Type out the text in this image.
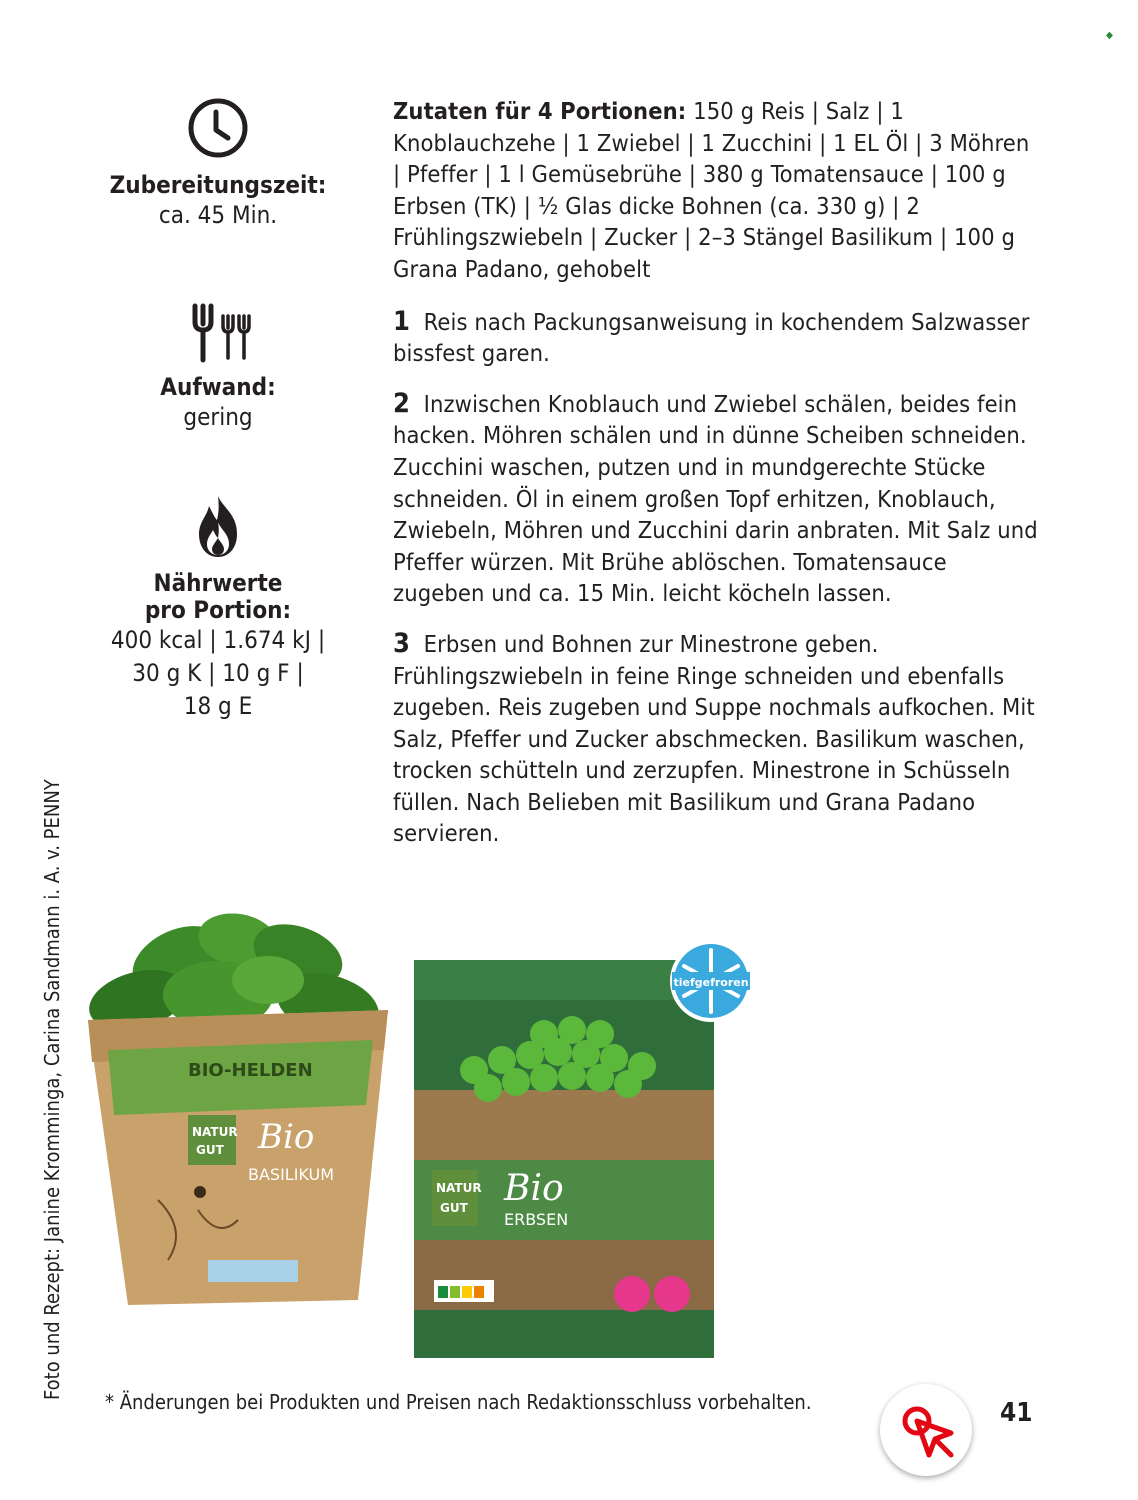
Zubereitungszeit:
ca. 45 Min.
Aufwand:
gering
Nährwerte
pro Portion:
400 kcal | 1.674 kJ |
30 g K | 10 g F |
18 g E
Zutaten für 4 Portionen: 150 g Reis | Salz | 1 Knoblauchzehe | 1 Zwiebel | 1 Zucchini | 1 EL Öl | 3 Möhren | Pfeffer | 1 l Gemüsebrühe | 380 g Tomatensauce | 100 g Erbsen (TK) | ½ Glas dicke Bohnen (ca. 330 g) | 2 Frühlingszwiebeln | Zucker | 2–3 Stängel Basilikum | 100 g Grana Padano, gehobelt
1 Reis nach Packungsanweisung in kochendem Salzwasser bissfest garen.
2 Inzwischen Knoblauch und Zwiebel schälen, beides fein hacken. Möhren schälen und in dünne Scheiben schneiden. Zucchini waschen, putzen und in mundgerechte Stücke schneiden. Öl in einem großen Topf erhitzen, Knoblauch, Zwiebeln, Möhren und Zucchini darin anbraten. Mit Salz und Pfeffer würzen. Mit Brühe ablöschen. Tomatensauce zugeben und ca. 15 Min. leicht köcheln lassen.
3 Erbsen und Bohnen zur Minestrone geben. Frühlingszwiebeln in feine Ringe schneiden und ebenfalls zugeben. Reis zugeben und Suppe nochmals aufkochen. Mit Salz, Pfeffer und Zucker abschmecken. Basilikum waschen, trocken schütteln und zerzupfen. Minestrone in Schüsseln füllen. Nach Belieben mit Basilikum und Grana Padano servieren.
Foto und Rezept: Janine Kromminga, Carina Sandmann i. A. v. PENNY
◆
BIO-HELDEN
NATUR
GUT Bio
BASILIKUM
NATUR
GUT Bio
ERBSEN
tiefgefroren
* Änderungen bei Produkten und Preisen nach Redaktionsschluss vorbehalten.	41
